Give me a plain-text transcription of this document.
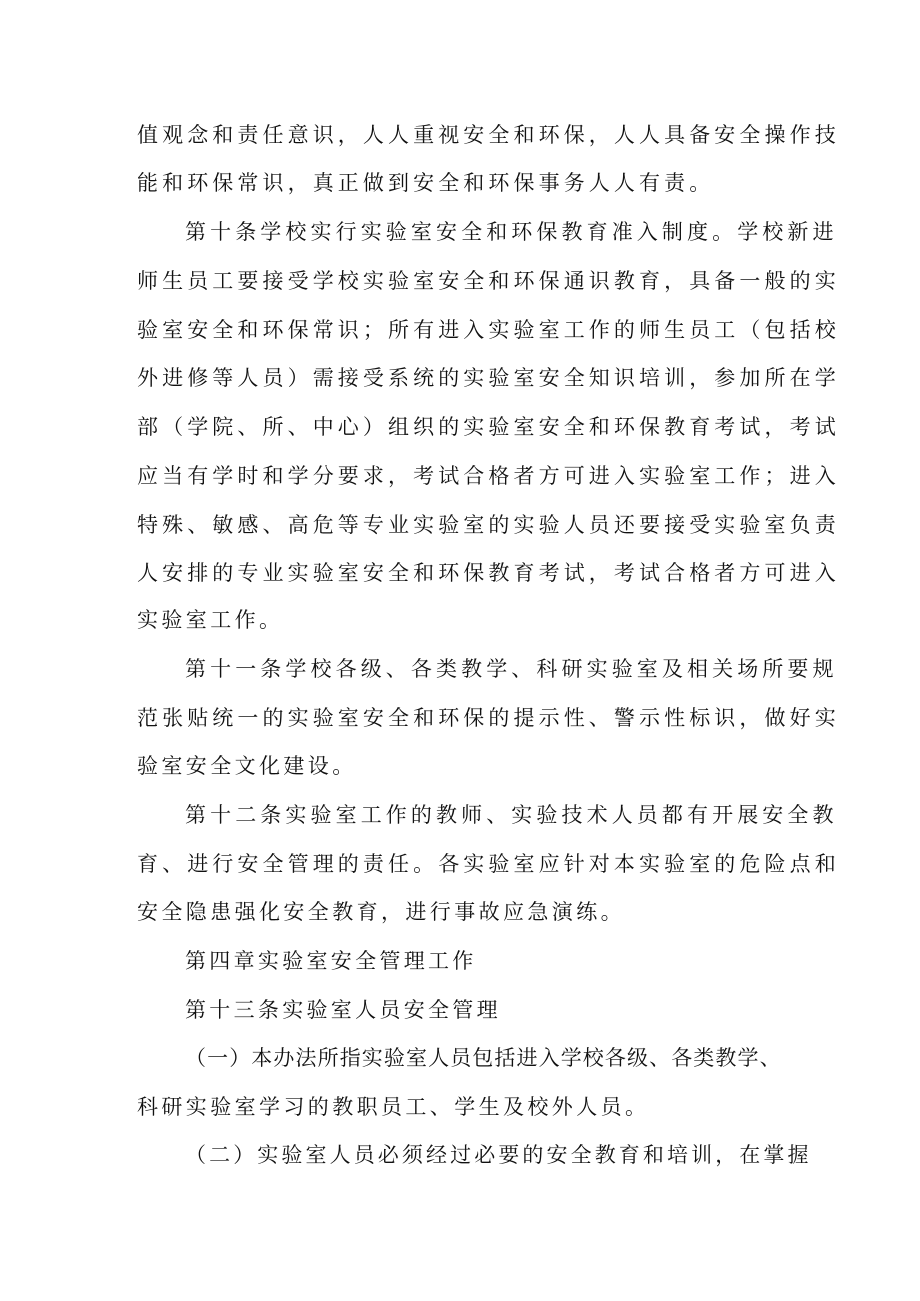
值观念和责任意识，人人重视安全和环保，人人具备安全操作技
能和环保常识，真正做到安全和环保事务人人有责。
第十条学校实行实验室安全和环保教育准入制度。学校新进
师生员工要接受学校实验室安全和环保通识教育，具备一般的实
验室安全和环保常识；所有进入实验室工作的师生员工（包括校
外进修等人员）需接受系统的实验室安全知识培训，参加所在学
部（学院、所、中心）组织的实验室安全和环保教育考试，考试
应当有学时和学分要求，考试合格者方可进入实验室工作；进入
特殊、敏感、高危等专业实验室的实验人员还要接受实验室负责
人安排的专业实验室安全和环保教育考试，考试合格者方可进入
实验室工作。
第十一条学校各级、各类教学、科研实验室及相关场所要规
范张贴统一的实验室安全和环保的提示性、警示性标识，做好实
验室安全文化建设。
第十二条实验室工作的教师、实验技术人员都有开展安全教
育、进行安全管理的责任。各实验室应针对本实验室的危险点和
安全隐患强化安全教育，进行事故应急演练。
第四章实验室安全管理工作
第十三条实验室人员安全管理
（一）本办法所指实验室人员包括进入学校各级、各类教学、
科研实验室学习的教职员工、学生及校外人员。
（二）实验室人员必须经过必要的安全教育和培训，在掌握
